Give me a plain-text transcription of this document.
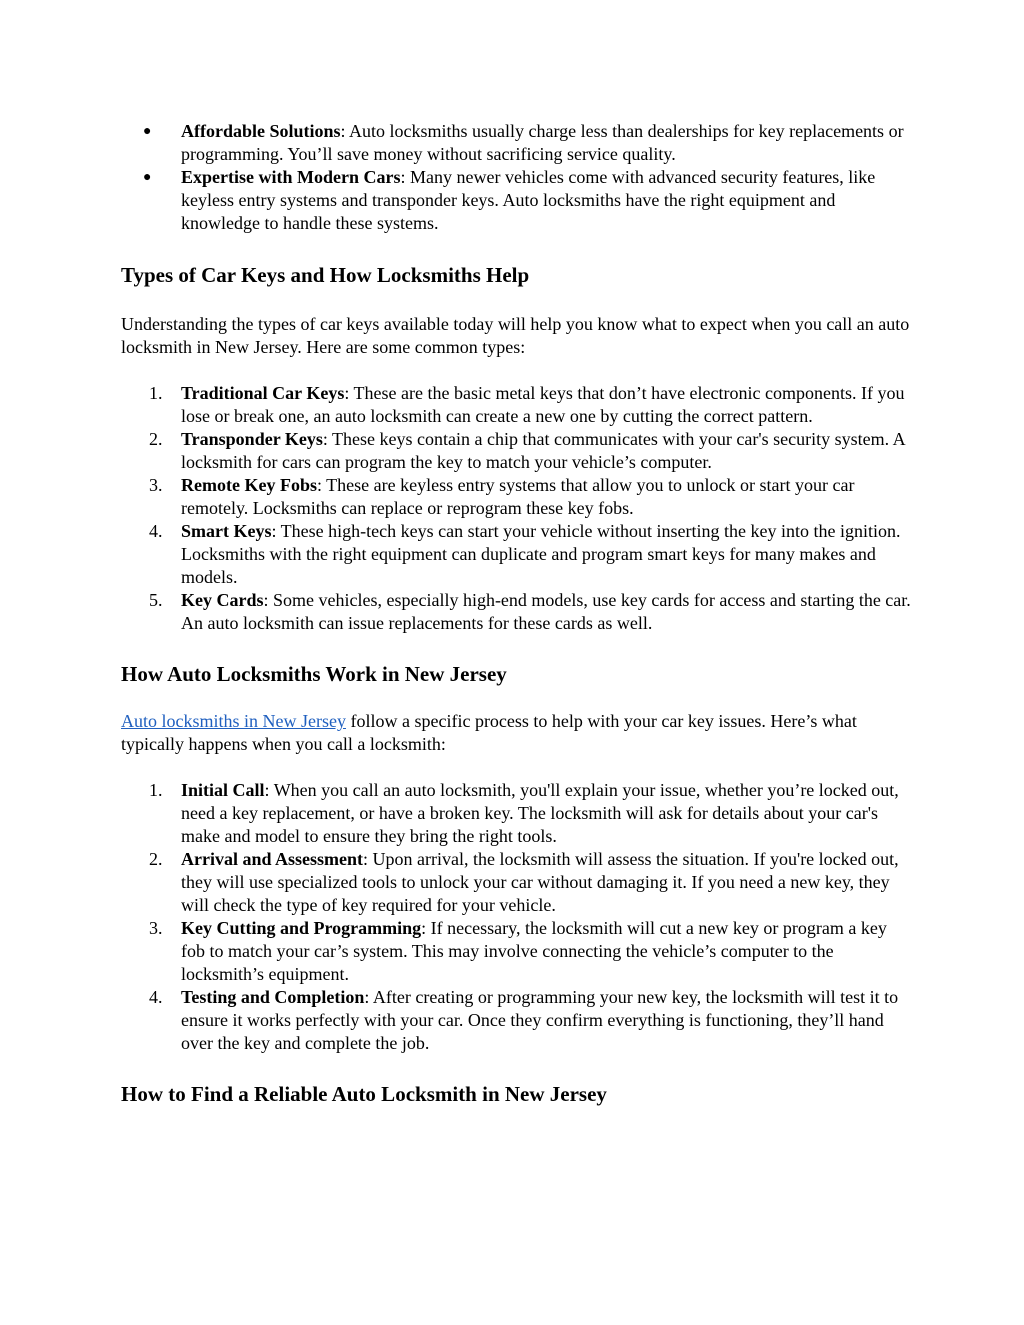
● Affordable Solutions: Auto locksmiths usually charge less than dealerships for key replacements or programming. You’ll save money without sacrificing service quality.
● Expertise with Modern Cars: Many newer vehicles come with advanced security features, like keyless entry systems and transponder keys. Auto locksmiths have the right equipment and knowledge to handle these systems.
Types of Car Keys and How Locksmiths Help

Understanding the types of car keys available today will help you know what to expect when you call an auto locksmith in New Jersey. Here are some common types:

1. Traditional Car Keys: These are the basic metal keys that don’t have electronic components. If you lose or break one, an auto locksmith can create a new one by cutting the correct pattern.
2. Transponder Keys: These keys contain a chip that communicates with your car's security system. A locksmith for cars can program the key to match your vehicle’s computer.
3. Remote Key Fobs: These are keyless entry systems that allow you to unlock or start your car remotely. Locksmiths can replace or reprogram these key fobs.
4. Smart Keys: These high-tech keys can start your vehicle without inserting the key into the ignition. Locksmiths with the right equipment can duplicate and program smart keys for many makes and models.
5. Key Cards: Some vehicles, especially high-end models, use key cards for access and starting the car. An auto locksmith can issue replacements for these cards as well.
How Auto Locksmiths Work in New Jersey

Auto locksmiths in New Jersey follow a specific process to help with your car key issues. Here’s what typically happens when you call a locksmith:

1. Initial Call: When you call an auto locksmith, you'll explain your issue, whether you’re locked out, need a key replacement, or have a broken key. The locksmith will ask for details about your car's make and model to ensure they bring the right tools.
2. Arrival and Assessment: Upon arrival, the locksmith will assess the situation. If you're locked out, they will use specialized tools to unlock your car without damaging it. If you need a new key, they will check the type of key required for your vehicle.
3. Key Cutting and Programming: If necessary, the locksmith will cut a new key or program a key fob to match your car’s system. This may involve connecting the vehicle’s computer to the locksmith’s equipment.
4. Testing and Completion: After creating or programming your new key, the locksmith will test it to ensure it works perfectly with your car. Once they confirm everything is functioning, they’ll hand over the key and complete the job.
How to Find a Reliable Auto Locksmith in New Jersey
